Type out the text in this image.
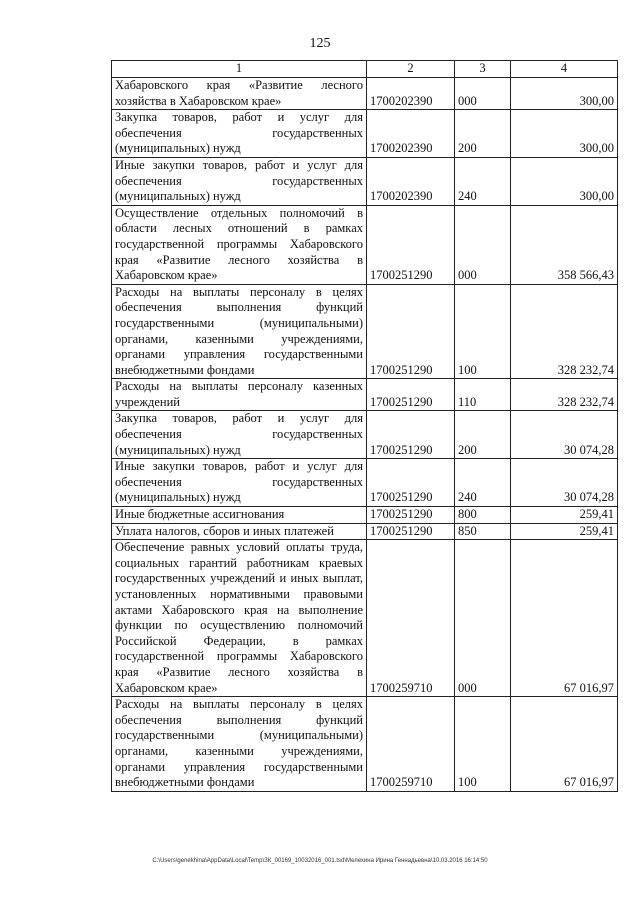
125
1	2	3	4
Хабаровского края «Развитие лесного хозяйства в Хабаровском крае»	1700202390	000	300,00
Закупка товаров, работ и услуг для обеспечения государственных (муниципальных) нужд	1700202390	200	300,00
Иные закупки товаров, работ и услуг для обеспечения государственных (муниципальных) нужд	1700202390	240	300,00
Осуществление отдельных полномочий в области лесных отношений в рамках государственной программы Хабаровского края «Развитие лесного хозяйства в Хабаровском крае»	1700251290	000	358 566,43
Расходы на выплаты персоналу в целях обеспечения выполнения функций государственными (муниципальными) органами, казенными учреждениями, органами управления государственными внебюджетными фондами	1700251290	100	328 232,74
Расходы на выплаты персоналу казенных учреждений	1700251290	110	328 232,74
Закупка товаров, работ и услуг для обеспечения государственных (муниципальных) нужд	1700251290	200	30 074,28
Иные закупки товаров, работ и услуг для обеспечения государственных (муниципальных) нужд	1700251290	240	30 074,28
Иные бюджетные ассигнования	1700251290	800	259,41
Уплата налогов, сборов и иных платежей	1700251290	850	259,41
Обеспечение равных условий оплаты труда, социальных гарантий работникам краевых государственных учреждений и иных выплат, установленных нормативными правовыми актами Хабаровского края на выполнение функции по осуществлению полномочий Российской Федерации, в рамках государственной программы Хабаровского края «Развитие лесного хозяйства в Хабаровском крае»	1700259710	000	67 016,97
Расходы на выплаты персоналу в целях обеспечения выполнения функций государственными (муниципальными) органами, казенными учреждениями, органами управления государственными внебюджетными фондами	1700259710	100	67 016,97
C:\Users\genekhina\AppData\Local\Temp\ЗК_00169_10032016_001.tsd\Мелехина Ирина Геннадьевна\10.03.2016 16:14:50
